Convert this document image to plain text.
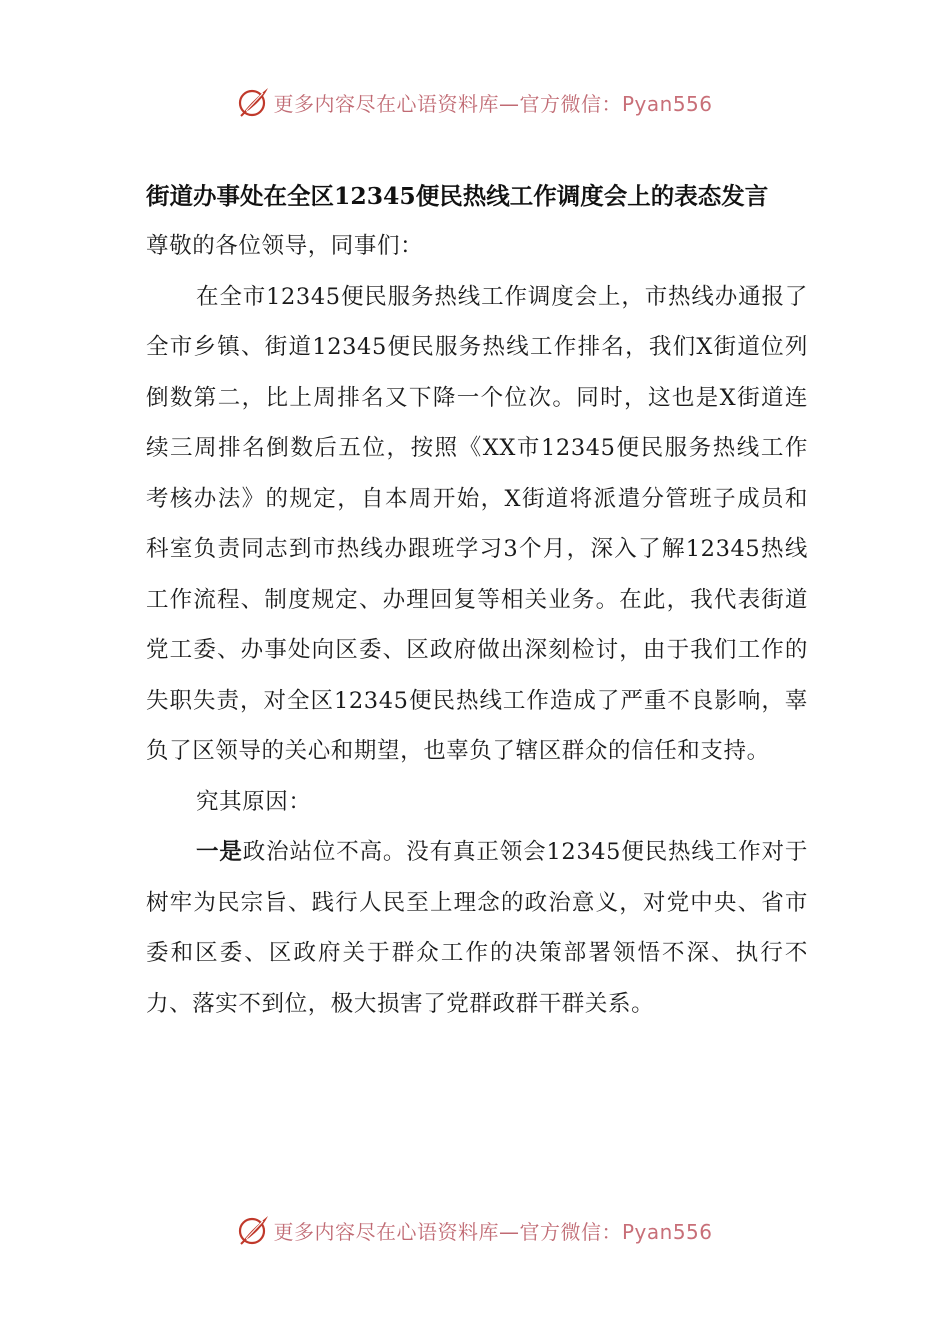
更多内容尽在心语资料库—官方微信：Pyan556
街道办事处在全区12345便民热线工作调度会上的表态发言

尊敬的各位领导，同事们：

在全市12345便民服务热线工作调度会上，市热线办通报了全市乡镇、街道12345便民服务热线工作排名，我们X街道位列倒数第二，比上周排名又下降一个位次。同时，这也是X街道连续三周排名倒数后五位，按照《XX市12345便民服务热线工作考核办法》的规定，自本周开始，X街道将派遣分管班子成员和科室负责同志到市热线办跟班学习3个月，深入了解12345热线工作流程、制度规定、办理回复等相关业务。在此，我代表街道党工委、办事处向区委、区政府做出深刻检讨，由于我们工作的失职失责，对全区12345便民热线工作造成了严重不良影响，辜负了区领导的关心和期望，也辜负了辖区群众的信任和支持。

究其原因：

一是政治站位不高。没有真正领会12345便民热线工作对于树牢为民宗旨、践行人民至上理念的政治意义，对党中央、省市委和区委、区政府关于群众工作的决策部署领悟不深、执行不力、落实不到位，极大损害了党群政群干群关系。

更多内容尽在心语资料库—官方微信：Pyan556
